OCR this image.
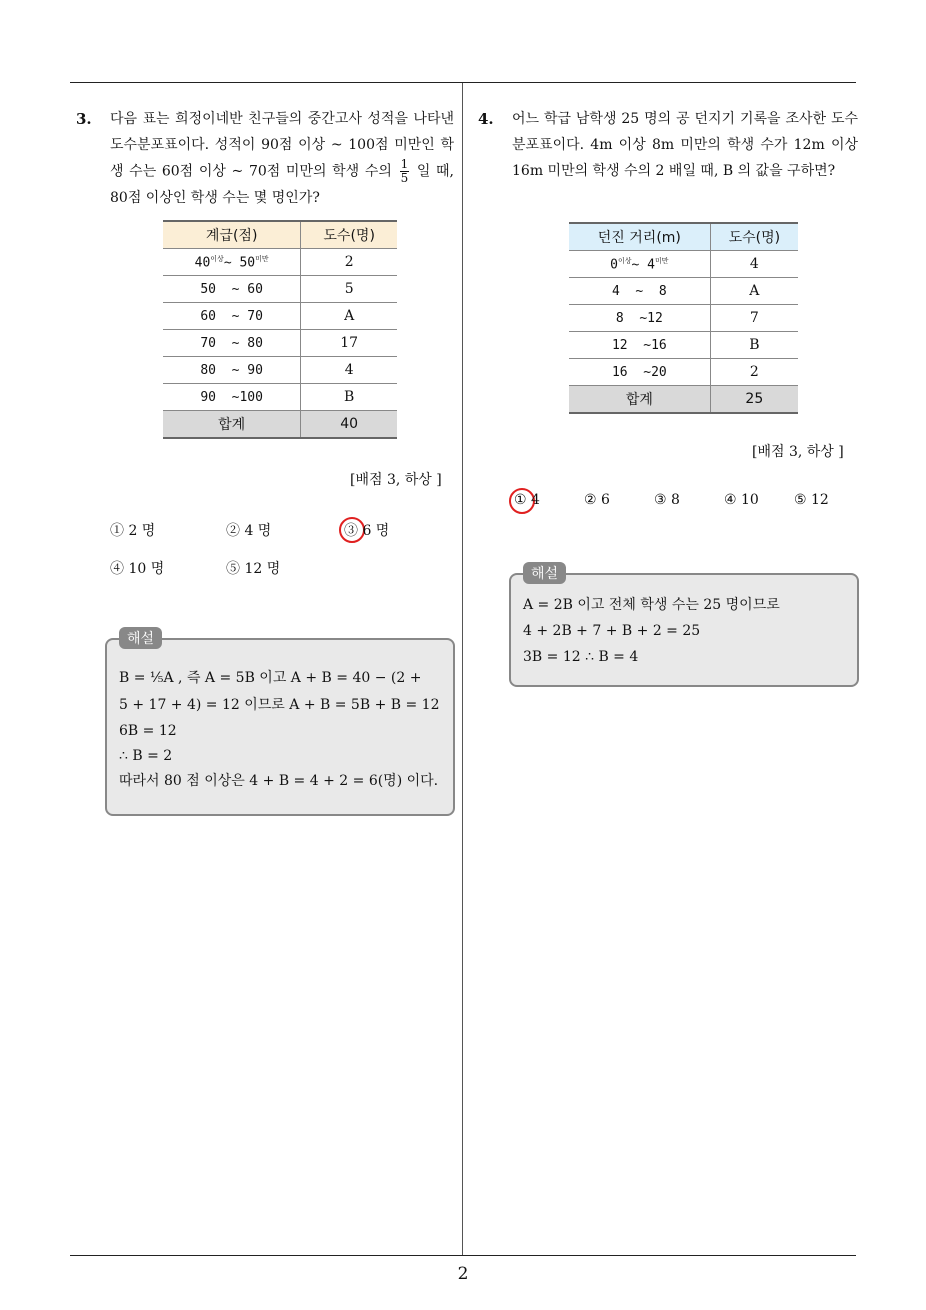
2
3. 다음 표는 희정이네반 친구들의 중간고사 성적을 나타낸 도수분포표이다. 성적이 90점 이상 ~ 100점 미만인 학생 수는 60점 이상 ~ 70점 미만의 학생 수의 $\frac{1}{5}$ 일 때, 80점 이상인 학생 수는 몇 명인가?
계급(점)	도수(명)
$40^{이상}\sim$ $50^{미만}$	2
50  ~ 60	5
60  ~ 70	A
70  ~ 80	17
80  ~ 90	4
90  ~100	B
합계	40
[배점 3, 하상 ]
① 2 명	② 4 명	③ 6 명
④ 10 명	⑤ 12 명
해설
B = ⅕A , 즉 A = 5B 이고 A + B = 40 − (2 +
5 + 17 + 4) = 12 이므로 A + B = 5B + B = 12
6B = 12
∴ B = 2
따라서 80 점 이상은 4 + B = 4 + 2 = 6(명) 이다.
4. 어느 학급 남학생 25 명의 공 던지기 기록을 조사한 도수분포표이다. 4m 이상 8m 미만의 학생 수가 12m 이상 16m 미만의 학생 수의 2 배일 때, B 의 값을 구하면?
던진 거리(m)	도수(명)
$0^{이상}\sim$ $4^{미만}$	4
4  ~  8	A
8  ~12	7
12  ~16	B
16  ~20	2
합계	25
[배점 3, 하상 ]
① 4	② 6	③ 8	④ 10	⑤ 12
해설
A = 2B 이고 전체 학생 수는 25 명이므로
4 + 2B + 7 + B + 2 = 25
3B = 12 ∴ B = 4
